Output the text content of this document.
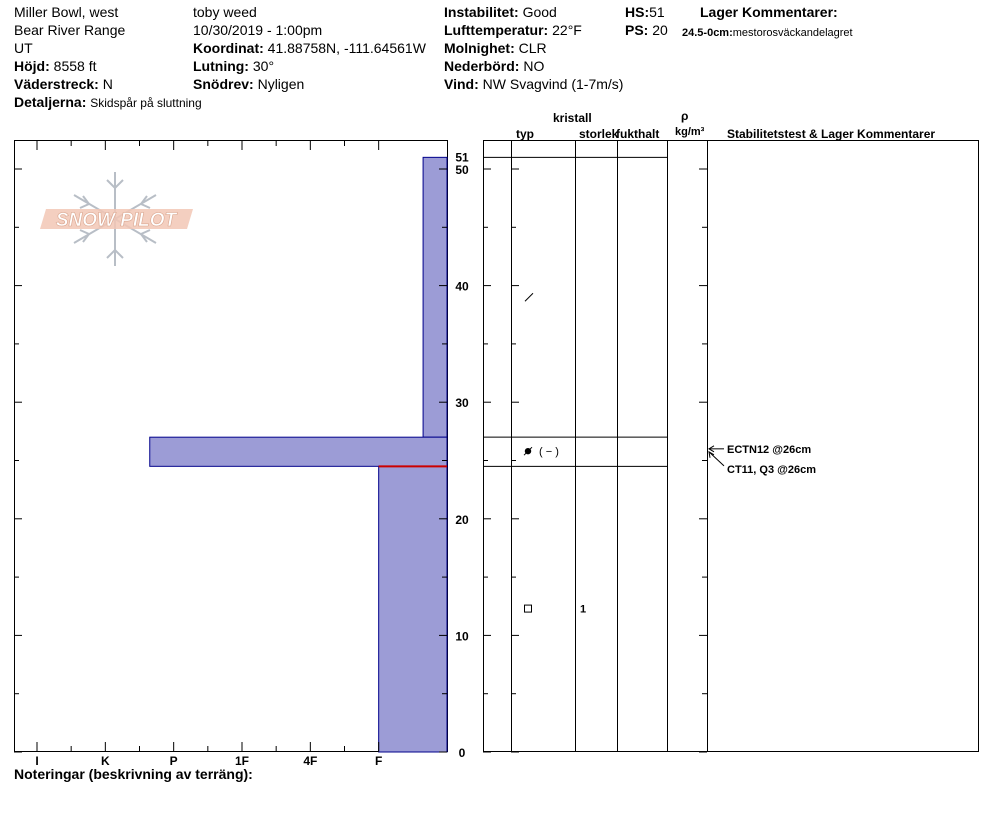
Miller Bowl, west
Bear River Range
UT
Höjd: 8558 ft
Väderstreck: N
Detaljerna: Skidspår på sluttning
toby weed
10/30/2019 - 1:00pm
Koordinat: 41.88758N, -111.64561W
Lutning: 30°
Snödrev: Nyligen
Instabilitet: Good
Lufttemperatur: 22°F
Molnighet: CLR
Nederbörd: NO
Vind: NW Svagvind (1-7m/s)
HS:51
PS: 20
Lager Kommentarer:
24.5-0cm:mestorosväckandelagret
Noteringar (beskrivning av terräng):
kristall
typ	storlek
fukthalt
ρ
kg/m³ Stabilitetstest & Lager Kommentarer
SNOW PILOT
I	K	P	1F	4F	F
0
10
20
30
40
50
51
( − )
1
ECTN12 @26cm
CT11, Q3 @26cm
